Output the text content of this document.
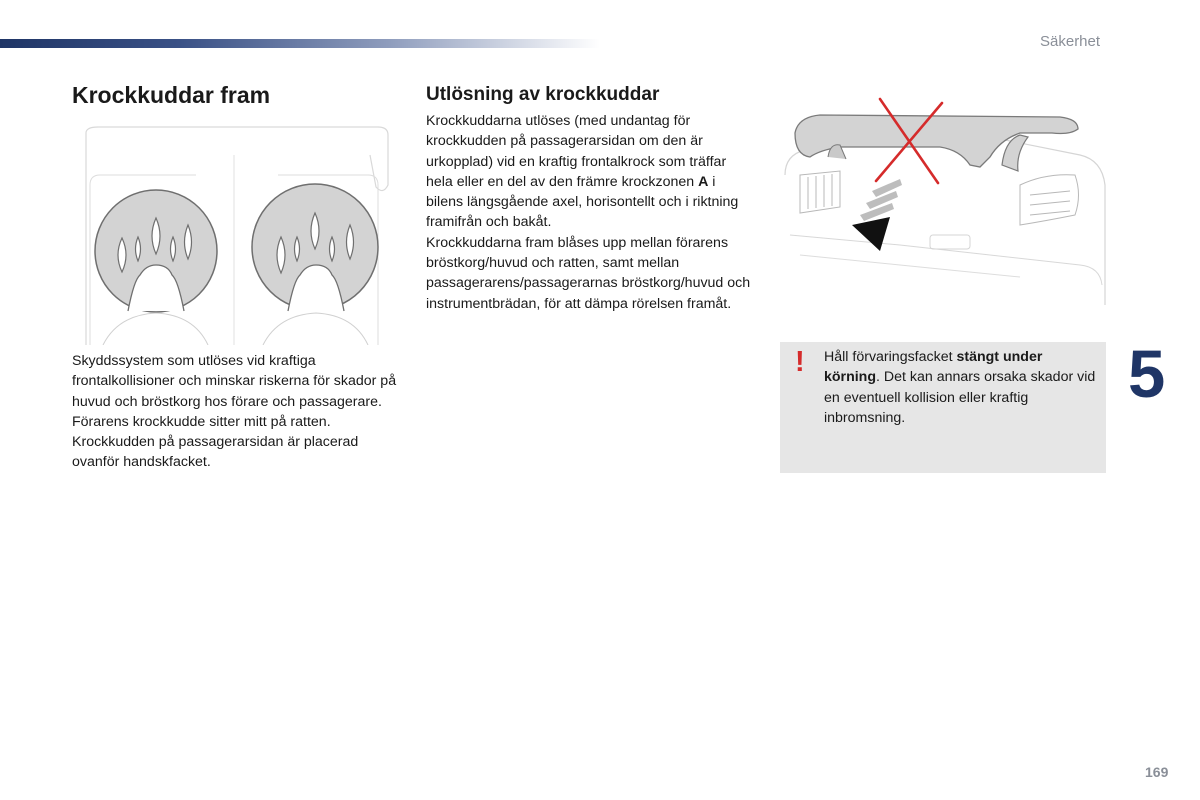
Säkerhet
Krockkuddar fram
Skyddssystem som utlöses vid kraftiga frontalkollisioner och minskar riskerna för skador på huvud och bröstkorg hos förare och passagerare.
Förarens krockkudde sitter mitt på ratten.
Krockkudden på passagerarsidan är placerad ovanför handskfacket.
Utlösning av krockkuddar
Krockkuddarna utlöses (med undantag för krockkudden på passagerarsidan om den är urkopplad) vid en kraftig frontalkrock som träffar hela eller en del av den främre krockzonen A i bilens längsgående axel, horisontellt och i riktning framifrån och bakåt.
Krockkuddarna fram blåses upp mellan förarens bröstkorg/huvud och ratten, samt mellan passagerarens/passagerarnas bröstkorg/huvud och instrumentbrädan, för att dämpa rörelsen framåt.
! Håll förvaringsfacket stängt under körning. Det kan annars orsaka skador vid en eventuell kollision eller kraftig inbromsning.

5
169
